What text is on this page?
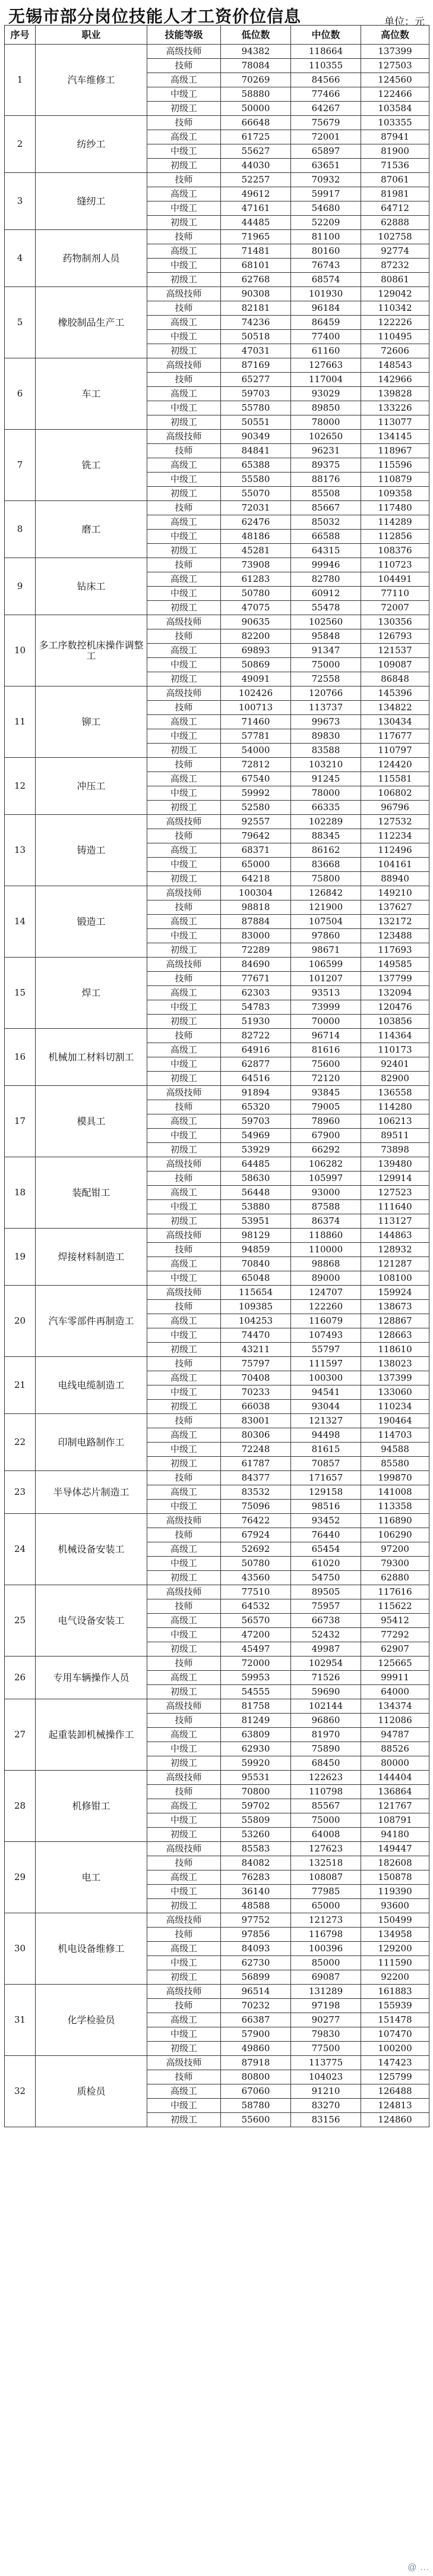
无锡市部分岗位技能人才工资价位信息	单位：元
序号	职业	技能等级	低位数	中位数	高位数
1	汽车维修工	高级技师	94382	118664	137399
		技师	78084	110355	127503
		高级工	70269	84566	124560
		中级工	58880	77466	122466
		初级工	50000	64267	103584
2	纺纱工	技师	66648	75679	103355
		高级工	61725	72001	87941
		中级工	55627	65897	81900
		初级工	44030	63651	71536
3	缝纫工	技师	52257	70932	87061
		高级工	49612	59917	81981
		中级工	47161	54680	64712
		初级工	44485	52209	62888
4	药物制剂人员	技师	71965	81100	102758
		高级工	71481	80160	92774
		中级工	68101	76743	87232
		初级工	62768	68574	80861
5	橡胶制品生产工	高级技师	90308	101930	129042
		技师	82181	96184	110342
		高级工	74236	86459	122226
		中级工	50518	77400	110495
		初级工	47031	61160	72606
6	车工	高级技师	87169	127663	148543
		技师	65277	117004	142966
		高级工	59703	93029	139828
		中级工	55780	89850	133226
		初级工	50551	78000	113077
7	铣工	高级技师	90349	102650	134145
		技师	84841	96231	118967
		高级工	65388	89375	115596
		中级工	55580	88176	110879
		初级工	55070	85508	109358
8	磨工	技师	72031	85667	117480
		高级工	62476	85032	114289
		中级工	48186	66588	112856
		初级工	45281	64315	108376
9	钻床工	技师	73908	99946	110723
		高级工	61283	82780	104491
		中级工	50780	60912	77110
		初级工	47075	55478	72007
10	多工序数控机床操作调整工	高级技师	90635	102560	130356
		技师	82200	95848	126793
		高级工	69893	91347	121537
		中级工	50869	75000	109087
		初级工	49091	72558	86848
11	铆工	高级技师	102426	120766	145396
		技师	100713	113737	134822
		高级工	71460	99673	130434
		中级工	57781	89830	117677
		初级工	54000	83588	110797
12	冲压工	技师	72812	103210	124420
		高级工	67540	91245	115581
		中级工	59992	78000	106802
		初级工	52580	66335	96796
13	铸造工	高级技师	92557	102289	127532
		技师	79642	88345	112234
		高级工	68371	86162	112496
		中级工	65000	83668	104161
		初级工	64218	75800	88940
14	锻造工	高级技师	100304	126842	149210
		技师	98818	121900	137627
		高级工	87884	107504	132172
		中级工	83000	97860	123488
		初级工	72289	98671	117693
15	焊工	高级技师	84690	106599	149585
		技师	77671	101207	137799
		高级工	62303	93513	132094
		中级工	54783	73999	120476
		初级工	51930	70000	103856
16	机械加工材料切割工	技师	82722	96714	114364
		高级工	64916	81616	110173
		中级工	62877	75600	92401
		初级工	64516	72120	82900
17	模具工	高级技师	91894	93845	136558
		技师	65320	79005	114280
		高级工	59703	78960	106213
		中级工	54969	67900	89511
		初级工	53929	66292	73898
18	装配钳工	高级技师	64485	106282	139480
		技师	58630	105997	129914
		高级工	56448	93000	127523
		中级工	53880	87588	111640
		初级工	53951	86374	113127
19	焊接材料制造工	高级技师	98129	118860	144863
		技师	94859	110000	128932
		高级工	70840	98868	121287
		中级工	65048	89000	108100
20	汽车零部件再制造工	高级技师	115654	124707	159924
		技师	109385	122260	138673
		高级工	104253	116079	128867
		中级工	74470	107493	128663
		初级工	43211	55797	118610
21	电线电缆制造工	技师	75797	111597	138023
		高级工	70408	100300	137399
		中级工	70233	94541	133060
		初级工	66038	93044	110234
22	印制电路制作工	技师	83001	121327	190464
		高级工	80306	94498	114703
		中级工	72248	81615	94588
		初级工	61787	70857	85580
23	半导体芯片制造工	技师	84377	171657	199870
		高级工	83532	129158	141008
		中级工	75096	98516	113358
24	机械设备安装工	高级技师	76422	93452	116890
		技师	67924	76440	106290
		高级工	52692	65454	97200
		中级工	50780	61020	79300
		初级工	43560	54750	62880
25	电气设备安装工	高级技师	77510	89505	117616
		技师	64532	75957	115622
		高级工	56570	66738	95412
		中级工	47200	52432	77292
		初级工	45497	49987	62907
26	专用车辆操作人员	技师	72000	102954	125665
		高级工	59953	71526	99911
		初级工	54555	59690	64000
27	起重装卸机械操作工	高级技师	81758	102144	134374
		技师	81249	96860	112086
		高级工	63809	81970	94787
		中级工	62930	75890	88526
		初级工	59920	68450	80000
28	机修钳工	高级技师	95531	122623	144404
		技师	70800	110798	136864
		高级工	59702	85567	121767
		中级工	55809	75000	108791
		初级工	53260	64008	94180
29	电工	高级技师	85583	127623	149447
		技师	84082	132518	182608
		高级工	76283	108087	150878
		中级工	36140	77985	119390
		初级工	48588	65000	93600
30	机电设备维修工	高级技师	97752	121273	150499
		技师	97856	116798	134958
		高级工	84093	100396	129200
		中级工	62730	85000	111590
		初级工	56899	69087	92200
31	化学检验员	高级技师	96514	131289	161883
		技师	70232	97198	155939
		高级工	66387	90277	151478
		中级工	57900	79830	107470
		初级工	49860	77500	100200
32	质检员	高级技师	87918	113775	147423
		技师	80800	104023	125799
		高级工	67060	91210	126488
		中级工	58780	83270	124813
		初级工	55600	83156	124860
@ ...
